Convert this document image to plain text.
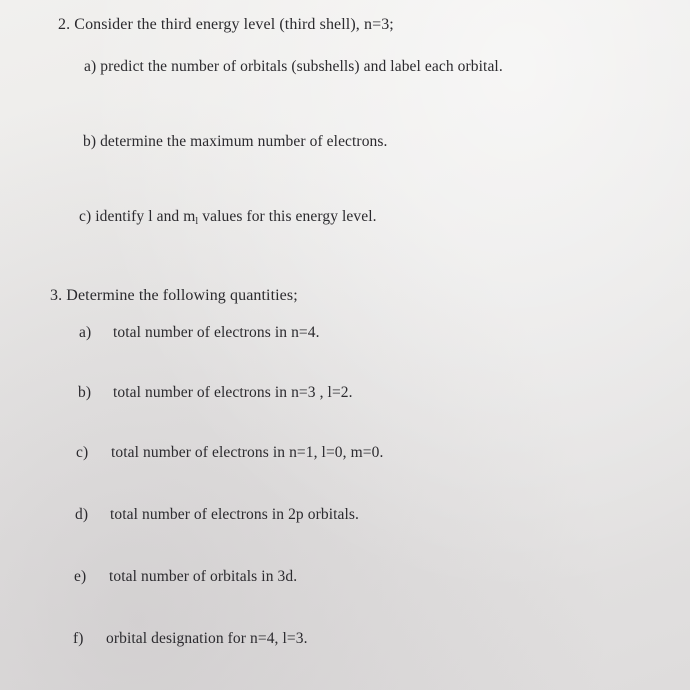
2. Consider the third energy level (third shell), n=3;
a) predict the number of orbitals (subshells) and label each orbital.
b) determine the maximum number of electrons.
c) identify l and $m_l$ values for this energy level.
3. Determine the following quantities;
a) total number of electrons in n=4.
b) total number of electrons in n=3 , l=2.
c) total number of electrons in n=1, l=0, m=0.
d) total number of electrons in 2p orbitals.
e) total number of orbitals in 3d.
f) orbital designation for n=4, l=3.
